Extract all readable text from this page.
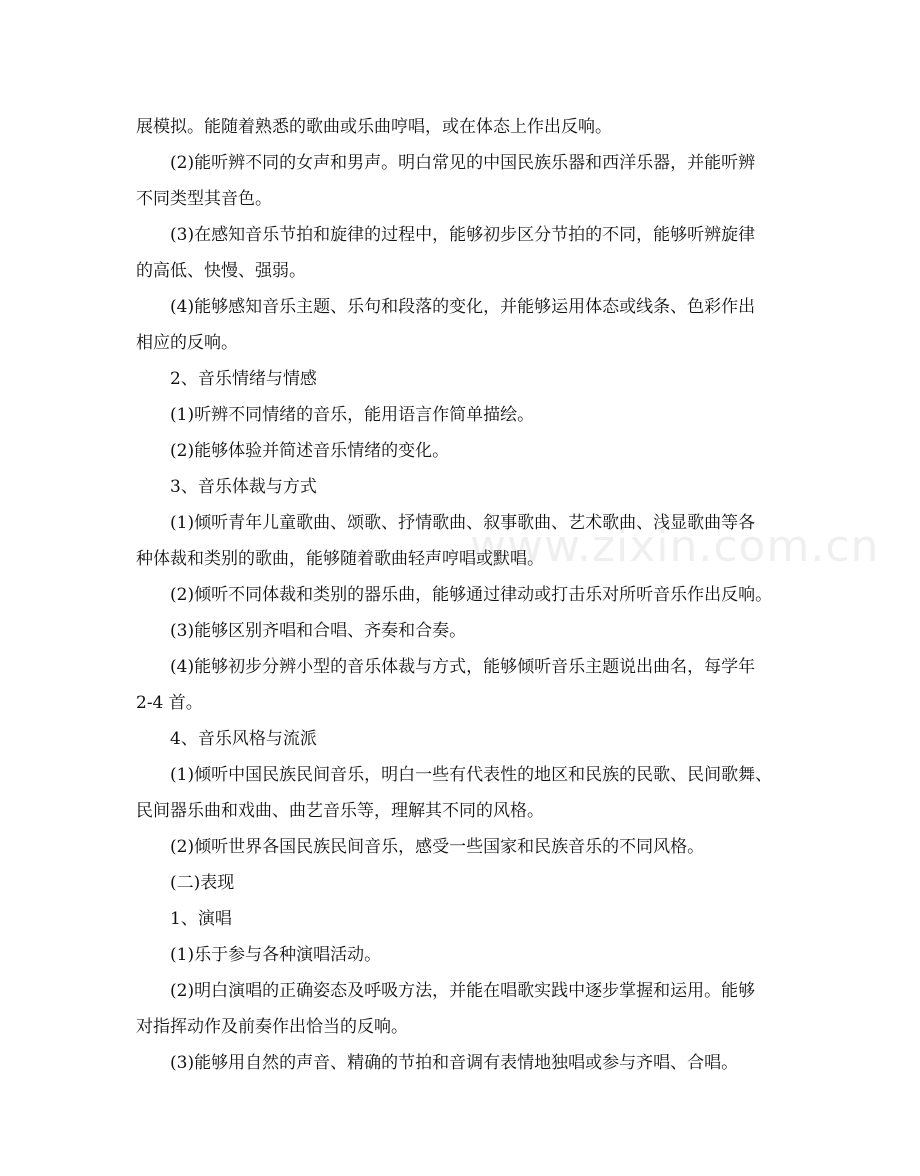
www.zixin.com.cn
展模拟。能随着熟悉的歌曲或乐曲哼唱，或在体态上作出反响。
(2)能听辨不同的女声和男声。明白常见的中国民族乐器和西洋乐器，并能听辨
不同类型其音色。
(3)在感知音乐节拍和旋律的过程中，能够初步区分节拍的不同，能够听辨旋律
的高低、快慢、强弱。
(4)能够感知音乐主题、乐句和段落的变化，并能够运用体态或线条、色彩作出
相应的反响。
2、音乐情绪与情感
(1)听辨不同情绪的音乐，能用语言作简单描绘。
(2)能够体验并简述音乐情绪的变化。
3、音乐体裁与方式
(1)倾听青年儿童歌曲、颂歌、抒情歌曲、叙事歌曲、艺术歌曲、浅显歌曲等各
种体裁和类别的歌曲，能够随着歌曲轻声哼唱或默唱。
(2)倾听不同体裁和类别的器乐曲，能够通过律动或打击乐对所听音乐作出反响。
(3)能够区别齐唱和合唱、齐奏和合奏。
(4)能够初步分辨小型的音乐体裁与方式，能够倾听音乐主题说出曲名，每学年
2-4 首。
4、音乐风格与流派
(1)倾听中国民族民间音乐，明白一些有代表性的地区和民族的民歌、民间歌舞、
民间器乐曲和戏曲、曲艺音乐等，理解其不同的风格。
(2)倾听世界各国民族民间音乐，感受一些国家和民族音乐的不同风格。
(二)表现
1、演唱
(1)乐于参与各种演唱活动。
(2)明白演唱的正确姿态及呼吸方法，并能在唱歌实践中逐步掌握和运用。能够
对指挥动作及前奏作出恰当的反响。
(3)能够用自然的声音、精确的节拍和音调有表情地独唱或参与齐唱、合唱。
